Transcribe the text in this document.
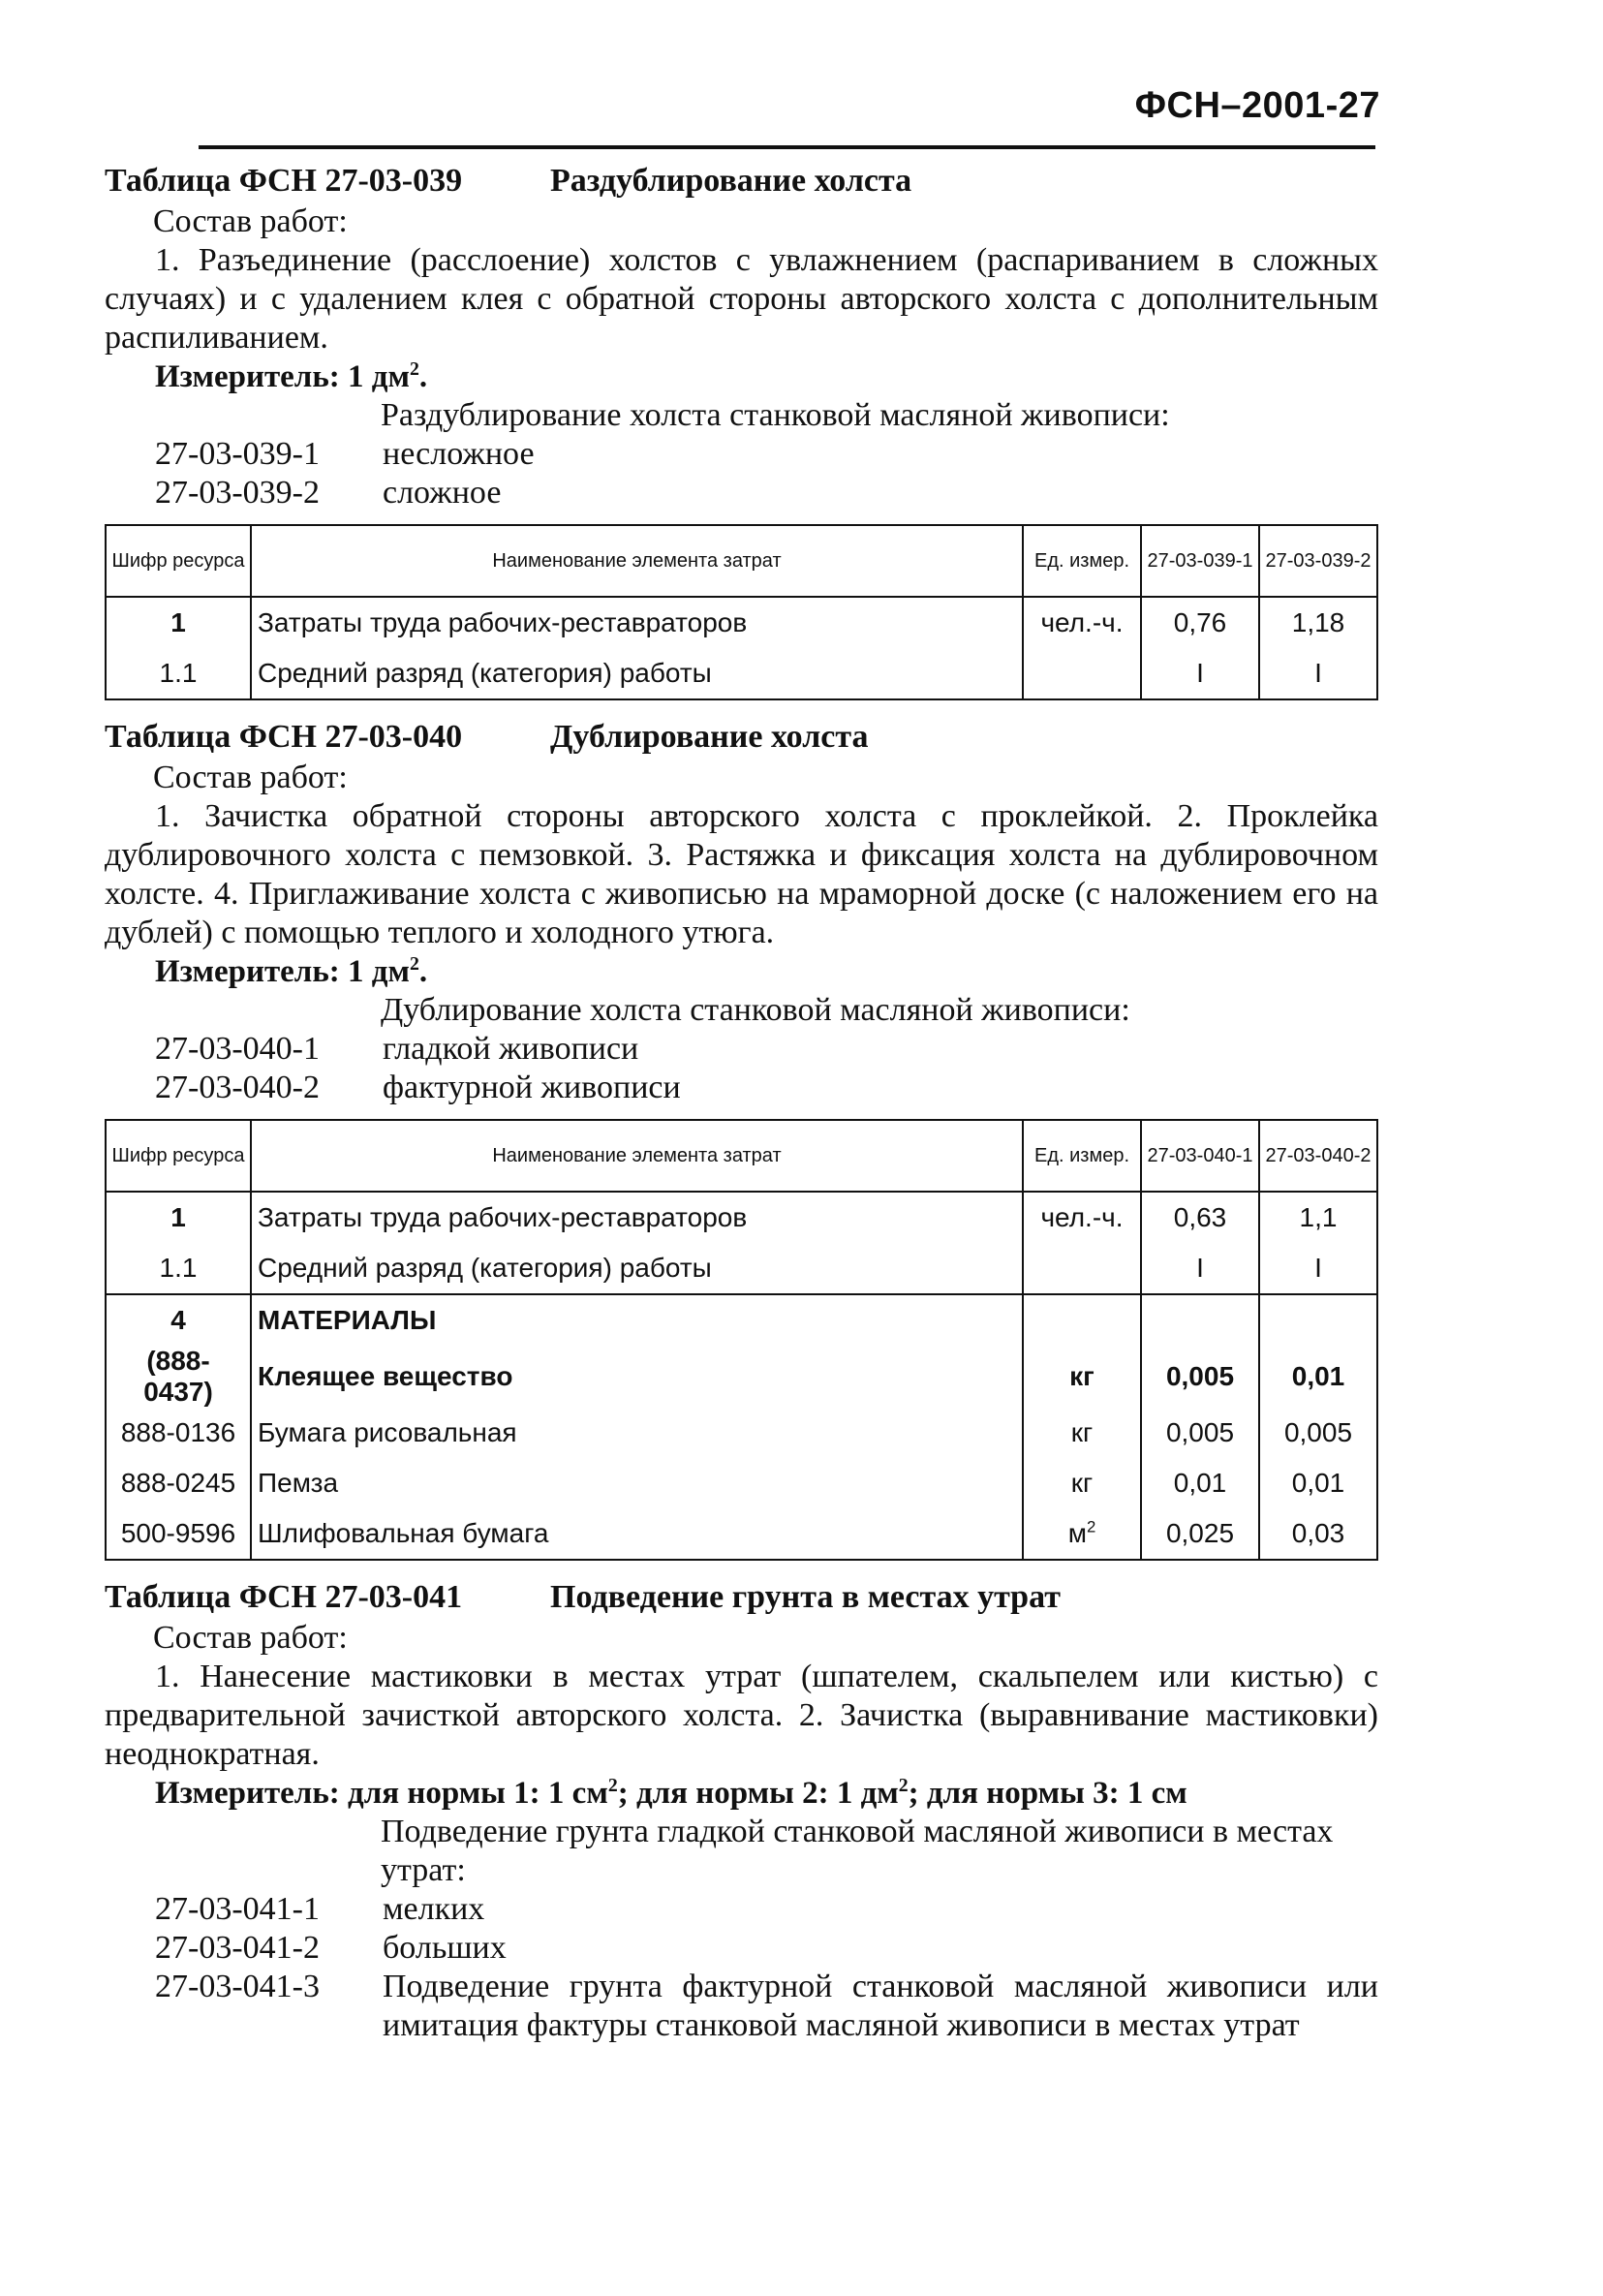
ФСН–2001-27

Таблица ФСН 27-03-039	Раздублирование холста

Состав работ:

1. Разъединение (расслоение) холстов с увлажнением (распариванием в сложных случаях) и с удалением клея с обратной стороны авторского холста с дополнительным распиливанием.

Измеритель: 1 $дм^2$.

Раздублирование холста станковой масляной живописи:

27-03-039-1	несложное
27-03-039-2	сложное
Шифр ресурса	Наименование элемента затрат	Ед. измер.	27-03-039-1	27-03-039-2
1	Затраты труда рабочих-реставраторов	чел.-ч.	0,76	1,18
1.1	Средний разряд (категория) работы		I	I

Таблица ФСН 27-03-040	Дублирование холста

Состав работ:

1. Зачистка обратной стороны авторского холста с проклейкой. 2. Проклейка дублировочного холста с пемзовкой. 3. Растяжка и фиксация холста на дублировочном холсте. 4. Приглаживание холста с живописью на мраморной доске (с наложением его на дублей) с помощью теплого и холодного утюга.

Измеритель: 1 $дм^2$.

Дублирование холста станковой масляной живописи:

27-03-040-1	гладкой живописи
27-03-040-2	фактурной живописи
Шифр ресурса	Наименование элемента затрат	Ед. измер.	27-03-040-1	27-03-040-2
1	Затраты труда рабочих-реставраторов	чел.-ч.	0,63	1,1
1.1	Средний разряд (категория) работы		I	I
4	МАТЕРИАЛЫ			
(888-0437)	Клеящее вещество	кг	0,005	0,01
888-0136	Бумага рисовальная	кг	0,005	0,005
888-0245	Пемза	кг	0,01	0,01
500-9596	Шлифовальная бумага	$м^2$	0,025	0,03

Таблица ФСН 27-03-041	Подведение грунта в местах утрат

Состав работ:

1. Нанесение мастиковки в местах утрат (шпателем, скальпелем или кистью) с предварительной зачисткой авторского холста. 2. Зачистка (выравнивание мастиковки) неоднократная.

Измеритель: для нормы 1: 1 $см^2$; для нормы 2: 1 $дм^2$; для нормы 3: 1 см

Подведение грунта гладкой станковой масляной живописи в местах утрат:

27-03-041-1	мелких
27-03-041-2	больших
27-03-041-3	Подведение грунта фактурной станковой масляной живописи или имитация фактуры станковой масляной живописи в местах утрат
